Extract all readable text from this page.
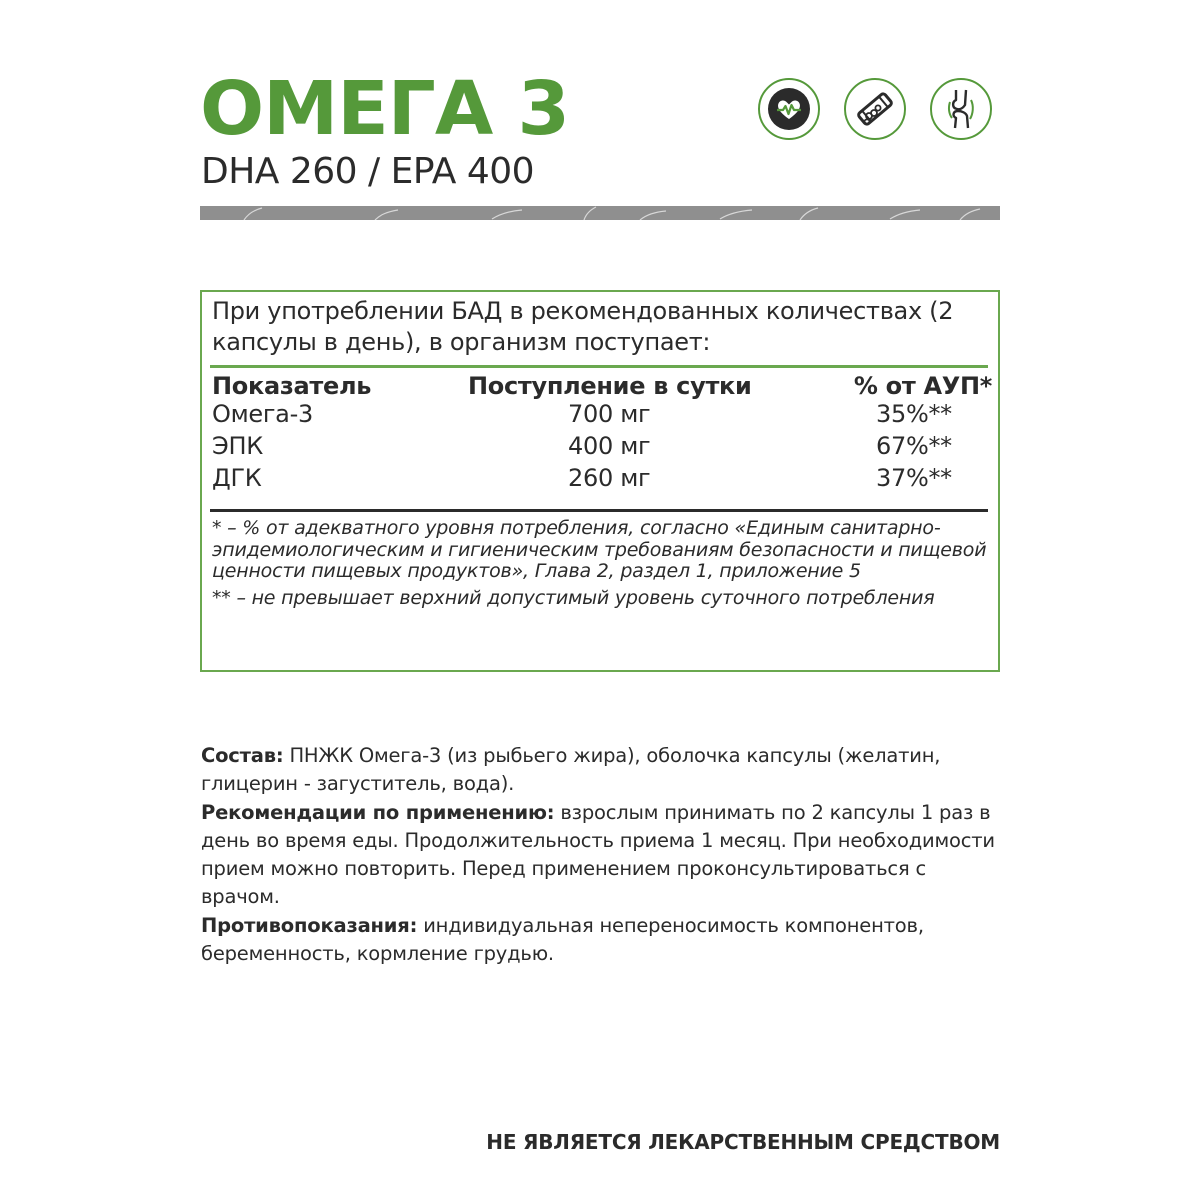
ОМЕГА 3
DHA 260 / EPA 400
При употреблении БАД в рекомендованных количествах (2 капсулы в день), в организм поступает:
Показатель	Поступление в сутки	% от АУП*
Омега-3	700 мг	35%**
ЭПК	400 мг	67%**
ДГК	260 мг	37%**

* – % от адекватного уровня потребления, согласно «Единым санитарно-эпидемиологическим и гигиеническим требованиям безопасности и пищевой ценности пищевых продуктов», Глава 2, раздел 1, приложение 5

** – не превышает верхний допустимый уровень суточного потребления

Состав: ПНЖК Омега-3 (из рыбьего жира), оболочка капсулы (желатин, глицерин - загуститель, вода).

Рекомендации по применению: взрослым принимать по 2 капсулы 1 раз в день во время еды. Продолжительность приема 1 месяц. При необходимости прием можно повторить. Перед применением проконсультироваться с врачом.

Противопоказания: индивидуальная непереносимость компонентов, беременность, кормление грудью.

НЕ ЯВЛЯЕТСЯ ЛЕКАРСТВЕННЫМ СРЕДСТВОМ
